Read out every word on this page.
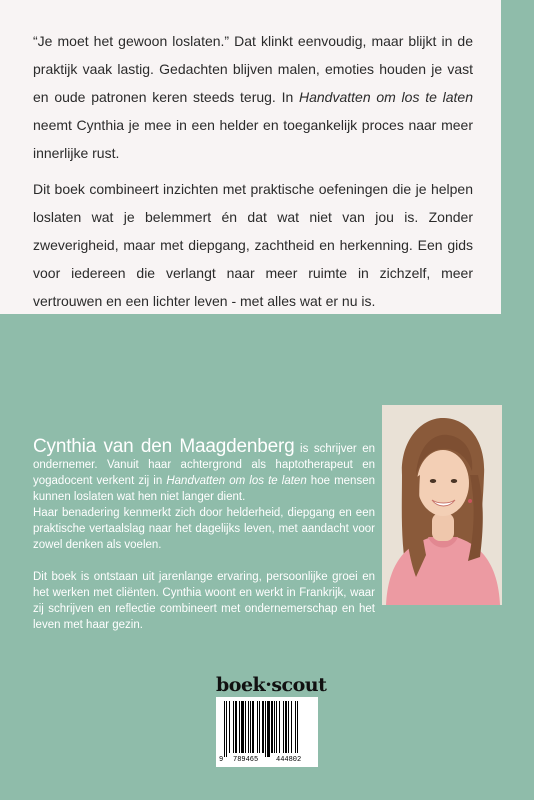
“Je moet het gewoon loslaten.” Dat klinkt eenvoudig, maar blijkt in de praktijk vaak lastig. Gedachten blijven malen, emoties houden je vast en oude patronen keren steeds terug. In Handvatten om los te laten neemt Cynthia je mee in een helder en toegankelijk proces naar meer innerlijke rust.

Dit boek combineert inzichten met praktische oefeningen die je helpen loslaten wat je belemmert én dat wat niet van jou is. Zonder zweverigheid, maar met diepgang, zachtheid en herkenning. Een gids voor iedereen die verlangt naar meer ruimte in zichzelf, meer vertrouwen en een lichter leven - met alles wat er nu is.

Cynthia van den Maagdenberg is schrijver en ondernemer. Vanuit haar achtergrond als haptotherapeut en yogadocent verkent zij in Handvatten om los te laten hoe mensen kunnen loslaten wat hen niet langer dient.

Haar benadering kenmerkt zich door helderheid, diepgang en een praktische vertaalslag naar het dagelijks leven, met aandacht voor zowel denken als voelen.

Dit boek is ontstaan uit jarenlange ervaring, persoonlijke groei en het werken met cliënten. Cynthia woont en werkt in Frankrijk, waar zij schrijven en reflectie combineert met ondernemerschap en het leven met haar gezin.

boek·scout
9 789465	444802
